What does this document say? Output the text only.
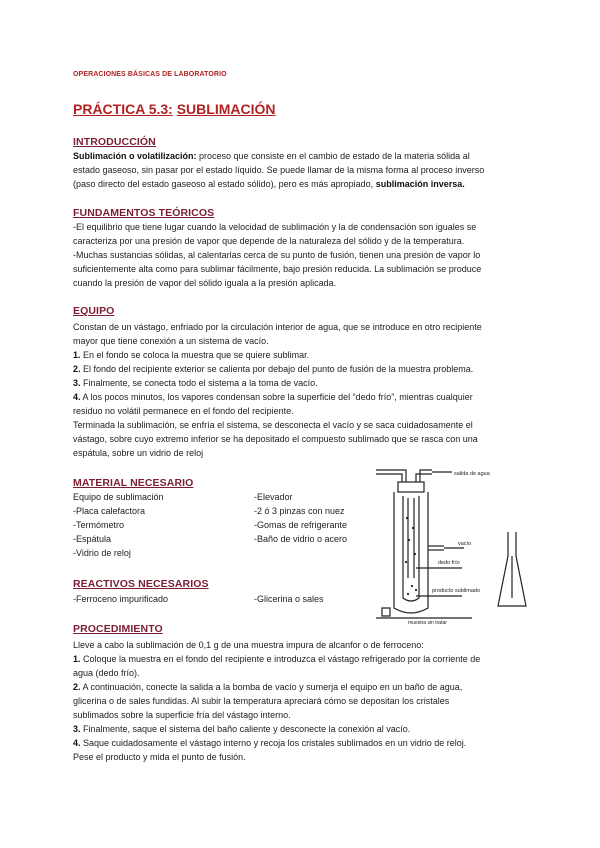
OPERACIONES BÁSICAS DE LABORATORIO
PRÁCTICA 5.3: SUBLIMACIÓN
INTRODUCCIÓN
Sublimación o volatilización: proceso que consiste en el cambio de estado de la materia sólida al
estado gaseoso, sin pasar por el estado líquido. Se puede llamar de la misma forma al proceso inverso
(paso directo del estado gaseoso al estado sólido), pero es más apropiado, sublimación inversa.
FUNDAMENTOS TEÓRICOS
-El equilibrio que tiene lugar cuando la velocidad de sublimación y la de condensación son iguales se
caracteriza por una presión de vapor que depende de la naturaleza del sólido y de la temperatura.
-Muchas sustancias sólidas, al calentarlas cerca de su punto de fusión, tienen una presión de vapor lo
suficientemente alta como para sublimar fácilmente, bajo presión reducida. La sublimación se produce
cuando la presión de vapor del sólido iguala a la presión aplicada.
EQUIPO
Constan de un vástago, enfriado por la circulación interior de agua, que se introduce en otro recipiente
mayor que tiene conexión a un sistema de vacío.
1. En el fondo se coloca la muestra que se quiere sublimar.
2. El fondo del recipiente exterior se calienta por debajo del punto de fusión de la muestra problema.
3. Finalmente, se conecta todo el sistema a la toma de vacío.
4. A los pocos minutos, los vapores condensan sobre la superficie del “dedo frío”, mientras cualquier
residuo no volátil permanece en el fondo del recipiente.
Terminada la sublimación, se enfría el sistema, se desconecta el vacío y se saca cuidadosamente el
vástago, sobre cuyo extremo inferior se ha depositado el compuesto sublimado que se rasca con una
espátula, sobre un vidrio de reloj
MATERIAL NECESARIO
Equipo de sublimación
-Placa calefactora
-Termómetro
-Espátula
-Vidrio de reloj
-Elevador
-2 ó 3 pinzas con nuez
-Gomas de refrigerante
-Baño de vidrio o acero
REACTIVOS NECESARIOS
-Ferroceno impurificado	-Glicerina o sales
salida de agua
vacío
dedo frío
producto sublimado
muestra sin tratar
PROCEDIMIENTO
Lleve a cabo la sublimación de 0,1 g de una muestra impura de alcanfor o de ferroceno:
1. Coloque la muestra en el fondo del recipiente e introduzca el vástago refrigerado por la corriente de
agua (dedo frío).
2. A continuación, conecte la salida a la bomba de vacío y sumerja el equipo en un baño de agua,
glicerina o de sales fundidas. Al subir la temperatura apreciará cómo se depositan los cristales
sublimados sobre la superficie fría del vástago interno.
3. Finalmente, saque el sistema del baño caliente y desconecte la conexión al vacío.
4. Saque cuidadosamente el vástago interno y recoja los cristales sublimados en un vidrio de reloj.
Pese el producto y mida el punto de fusión.
